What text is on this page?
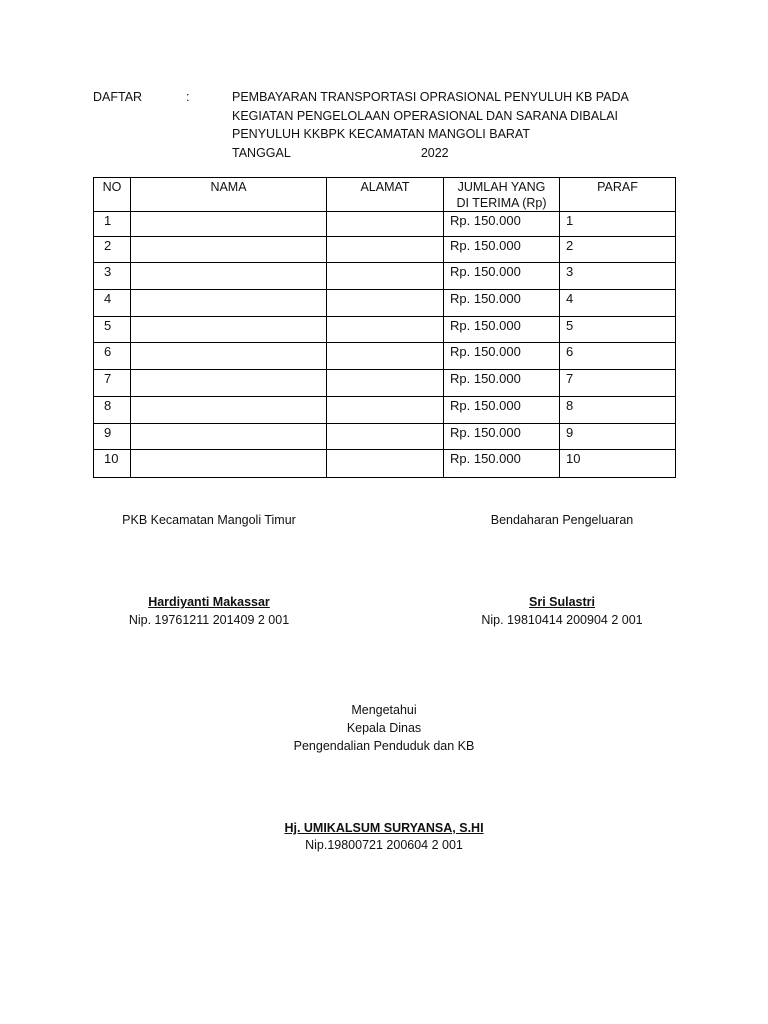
DAFTAR	:	PEMBAYARAN TRANSPORTASI OPRASIONAL PENYULUH KB PADA
KEGIATAN PENGELOLAAN OPERASIONAL DAN SARANA DIBALAI
PENYULUH KKBPK KECAMATAN MANGOLI BARAT
TANGGAL	2022
NO	NAMA	ALAMAT	JUMLAH YANG DI TERIMA (Rp)	PARAF
1			Rp. 150.000	1
2			Rp. 150.000	2
3			Rp. 150.000	3
4			Rp. 150.000	4
5			Rp. 150.000	5
6			Rp. 150.000	6
7			Rp. 150.000	7
8			Rp. 150.000	8
9			Rp. 150.000	9
10			Rp. 150.000	10
PKB Kecamatan Mangoli Timur
Hardiyanti Makassar
Nip. 19761211 201409 2 001
Bendaharan Pengeluaran
Sri Sulastri
Nip. 19810414 200904 2 001
Mengetahui
Kepala Dinas
Pengendalian Penduduk dan KB
Hj. UMIKALSUM SURYANSA, S.HI
Nip.19800721 200604 2 001
